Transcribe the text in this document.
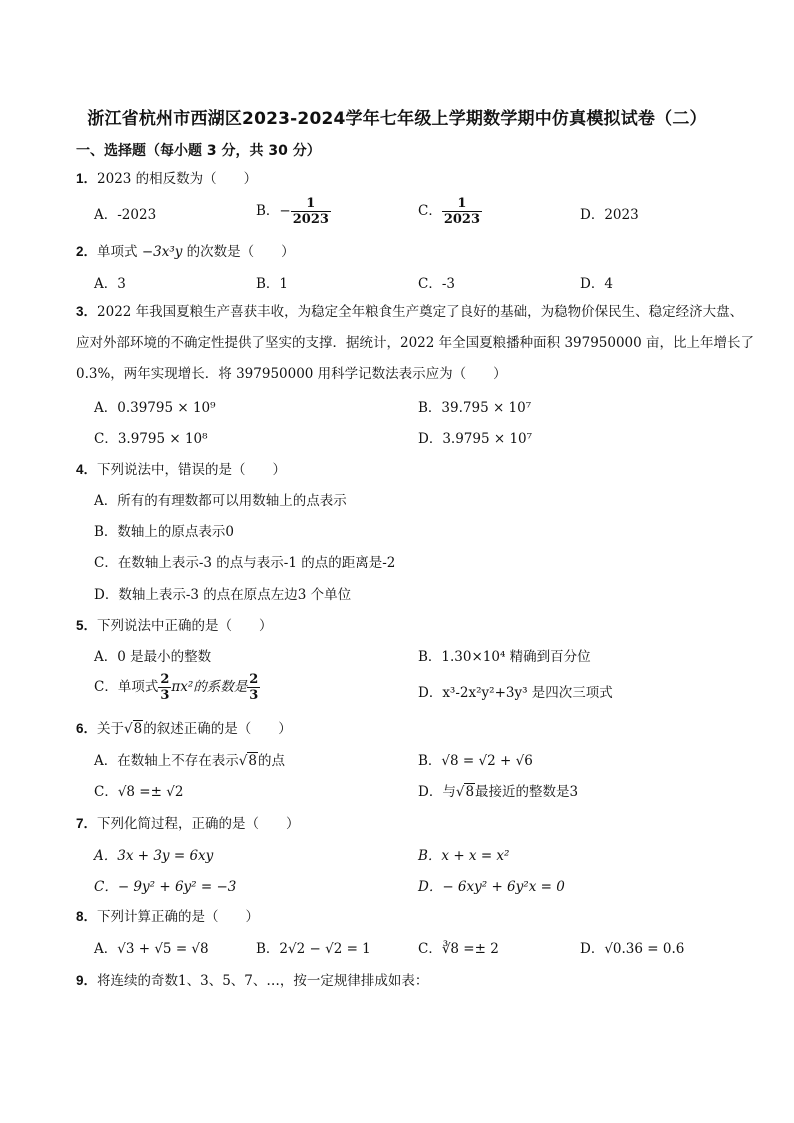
浙江省杭州市西湖区2023-2024学年七年级上学期数学期中仿真模拟试卷（二）
一、选择题（每小题 3 分，共 30 分）
1．2023 的相反数为（　　）
A．-2023	B．− $\frac{1}{2023}$	C． $\frac{1}{2023}$	D．2023
2．单项式 −3x³y 的次数是（　　）
A．3	B．1	C．-3	D．4
3．2022 年我国夏粮生产喜获丰收，为稳定全年粮食生产奠定了良好的基础，为稳物价保民生、稳定经济大盘、应对外部环境的不确定性提供了坚实的支撑．据统计，2022 年全国夏粮播种面积 397950000 亩，比上年增长了0.3%，两年实现增长．将 397950000 用科学记数法表示应为（　　）
A．0.39795 × 10⁹	B．39.795 × 10⁷
C．3.9795 × 10⁸	D．3.9795 × 10⁷
4．下列说法中，错误的是（　　）
A．所有的有理数都可以用数轴上的点表示
B．数轴上的原点表示0
C．在数轴上表示-3 的点与表示-1 的点的距离是-2
D．数轴上表示-3 的点在原点左边3 个单位
5．下列说法中正确的是（　　）
A．0 是最小的整数	B．1.30×10⁴ 精确到百分位
C．单项式 $\frac{2}{3} \pi x^2$的系数是 $\frac{2}{3}$	D．x³-2x²y²+3y³ 是四次三项式
6．关于√8的叙述正确的是（　　）
A．在数轴上不存在表示√8的点	B．√8 = √2 + √6
C．√8 =± √2	D．与√8最接近的整数是3
7．下列化简过程，正确的是（　　）
A．3x + 3y = 6xy	B．x + x = x²
C．− 9y² + 6y² = −3	D．− 6xy² + 6y²x = 0
8．下列计算正确的是（　　）
A．√3 + √5 = √8	B．2√2 − √2 = 1	C．∛8 =± 2	D．√0.36 = 0.6
9．将连续的奇数1、3、5、7、…，按一定规律排成如表：
